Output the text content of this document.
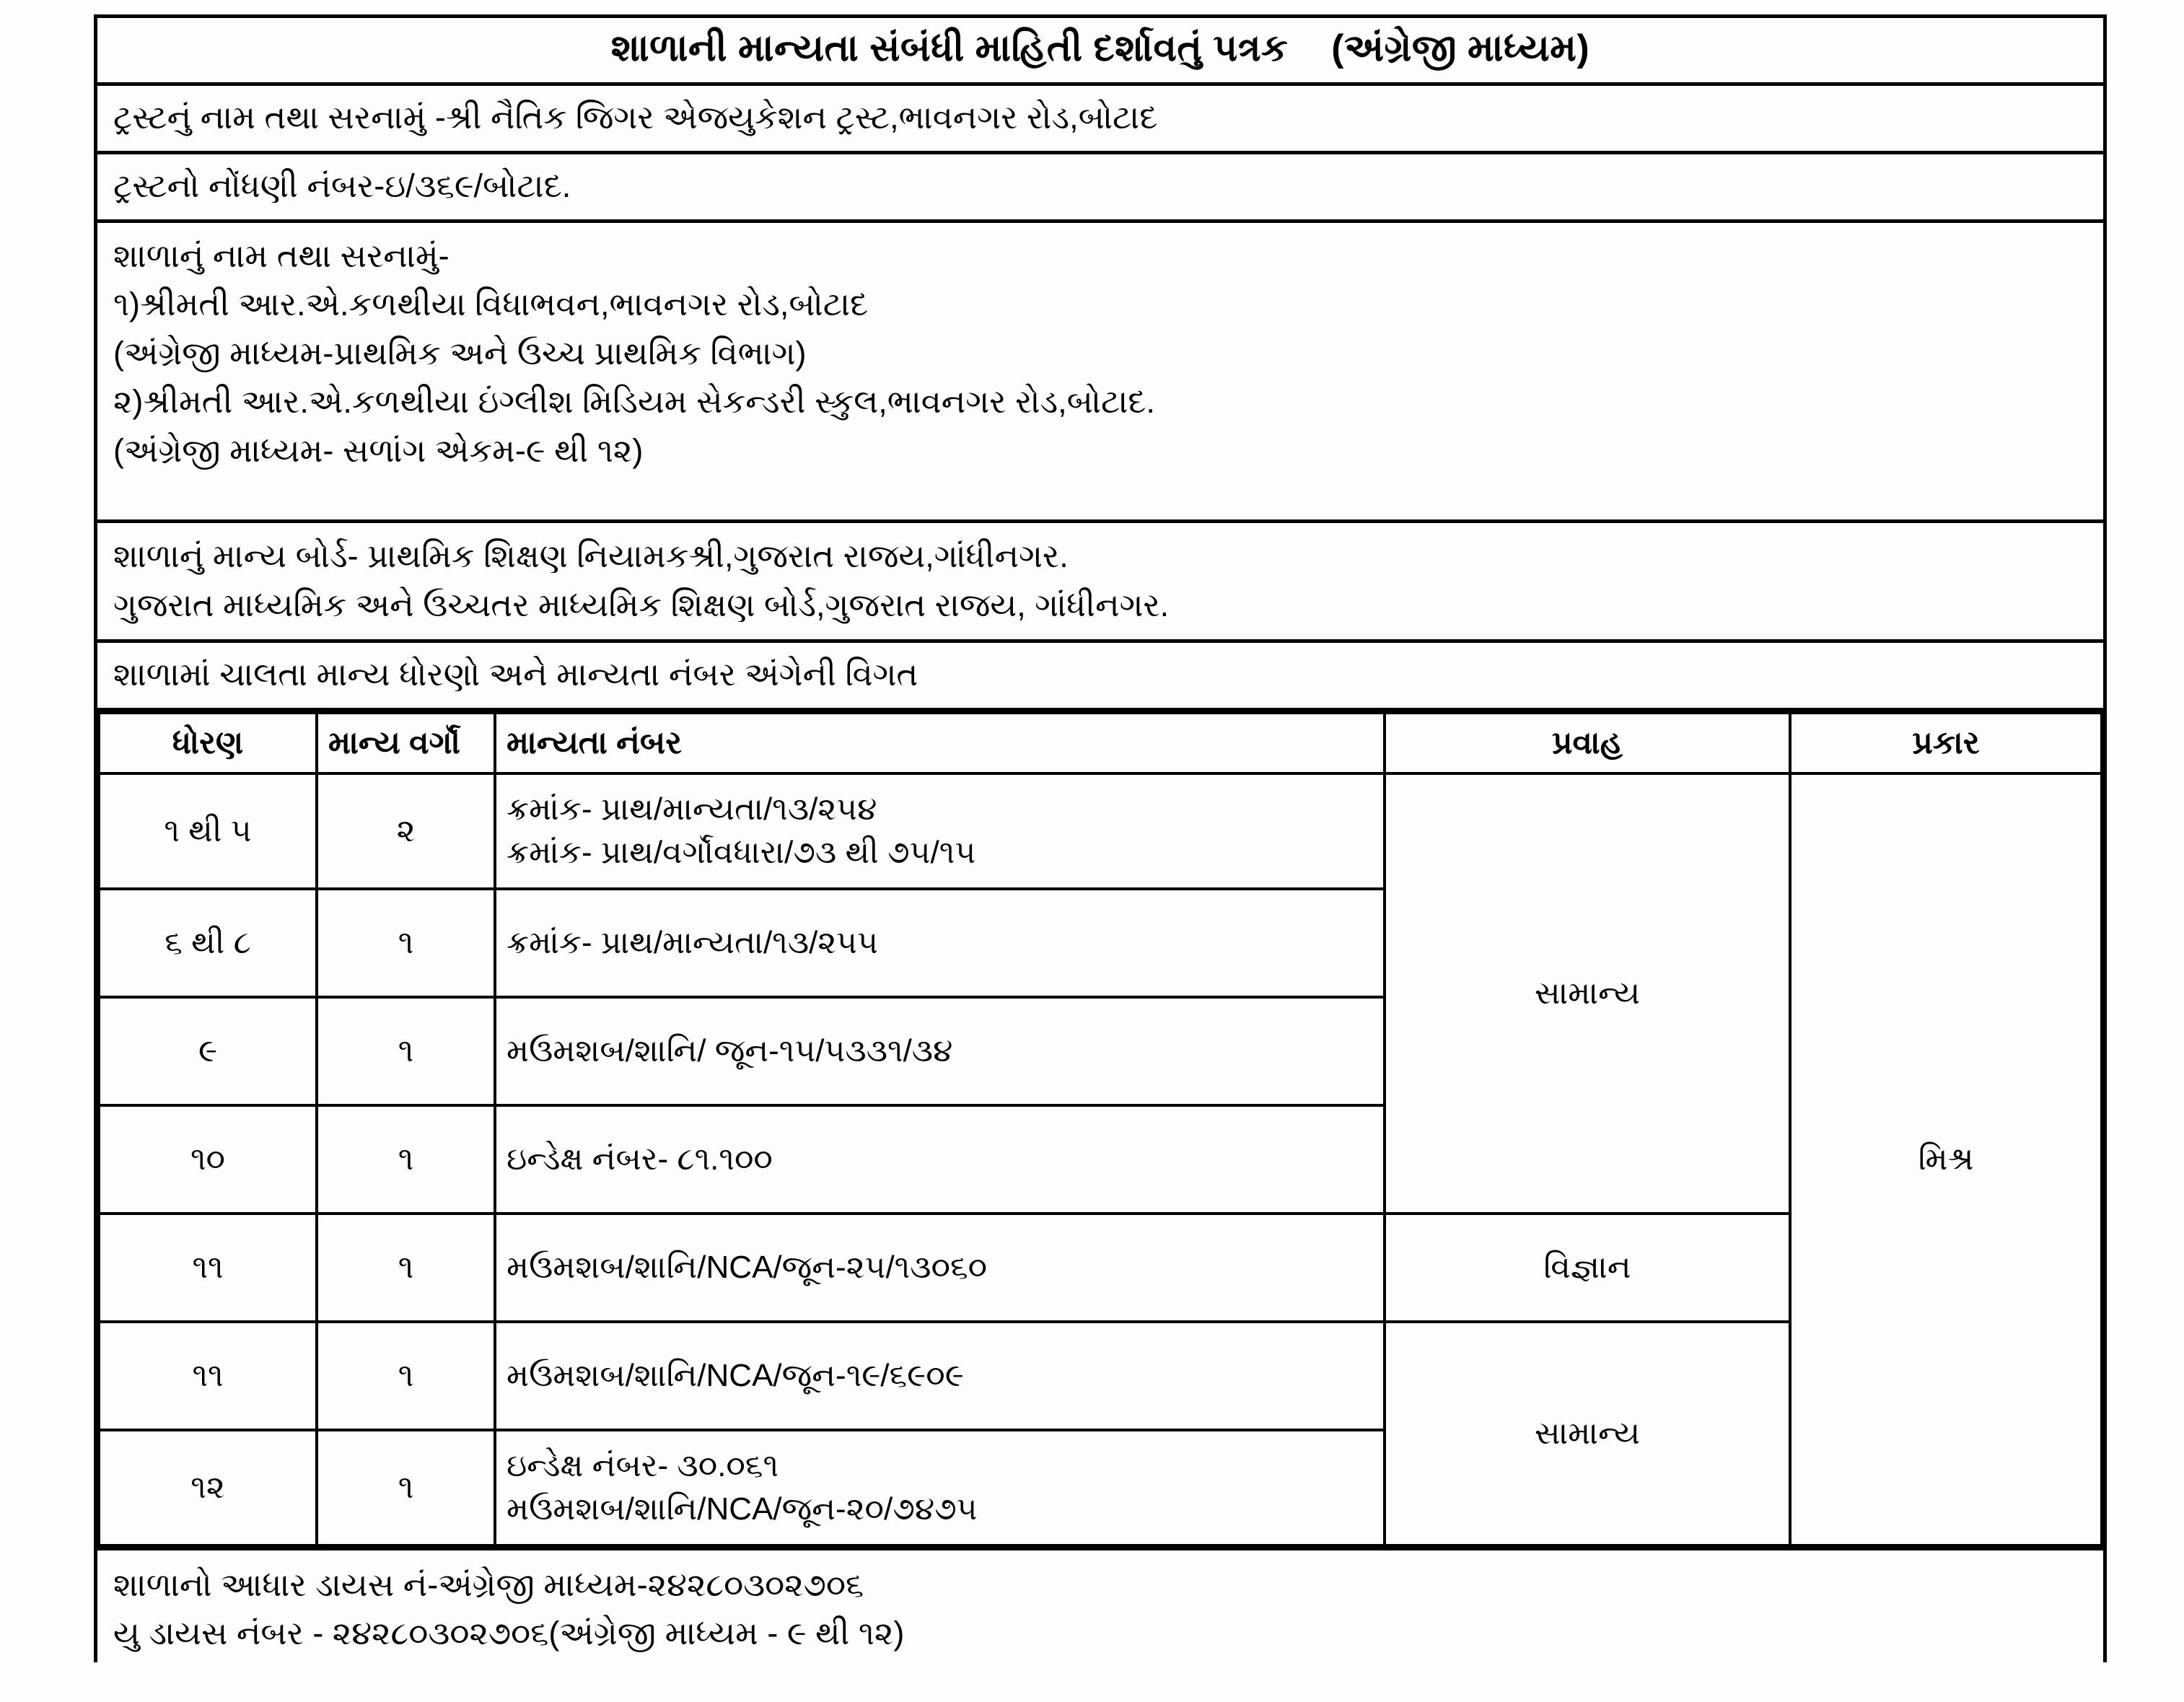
શાળાની માન્યતા સંબંધી માહિતી દર્શાવતું પત્રક (અંગ્રેજી માધ્યમ)
ટ્રસ્ટનું નામ તથા સરનામું -શ્રી નૈતિક જિગર એજયુકેશન ટ્રસ્ટ,ભાવનગર રોડ,બોટાદ
ટ્રસ્ટનો નોંધણી નંબર-ઇ/૩૬૯/બોટાદ.
શાળાનું નામ તથા સરનામું-
૧)શ્રીમતી આર.એ.કળથીયા વિધાભવન,ભાવનગર રોડ,બોટાદ
(અંગ્રેજી માધ્યમ-પ્રાથમિક અને ઉચ્ચ પ્રાથમિક વિભાગ)
૨)શ્રીમતી આર.એ.કળથીયા ઇંગ્લીશ મિડિયમ સેકન્ડરી સ્કુલ,ભાવનગર રોડ,બોટાદ.
(અંગ્રેજી માધ્યમ- સળાંગ એકમ-૯ થી ૧૨)
શાળાનું માન્ય બોર્ડ- પ્રાથમિક શિક્ષણ નિયામકશ્રી,ગુજરાત રાજય,ગાંધીનગર.
ગુજરાત માધ્યમિક અને ઉચ્ચતર માધ્યમિક શિક્ષણ બોર્ડ,ગુજરાત રાજય, ગાંધીનગર.
શાળામાં ચાલતા માન્ય ધોરણો અને માન્યતા નંબર અંગેની વિગત
ધોરણ	માન્ય વર્ગૉ	માન્યતા નંબર	પ્રવાહ	પ્રકાર
૧ થી ૫	૨	ક્રમાંક- પ્રાથ/માન્યતા/૧૩/૨૫૪
ક્રમાંક- પ્રાથ/વર્ગૉવધારા/૭૩ થી ૭૫/૧૫	સામાન્ય	મિશ્ર
૬ થી ૮	૧	ક્રમાંક- પ્રાથ/માન્યતા/૧૩/૨૫૫		
૯	૧	મઉમશબ/શાનિ/ જૂન-૧૫/૫૩૩૧/૩૪		
૧૦	૧	ઇન્ડેક્ષ નંબર- ૮૧.૧૦૦		
૧૧	૧	મઉમશબ/શાનિ/NCA/જૂન-૨૫/૧૩૦૬૦	વિજ્ઞાન	
૧૧	૧	મઉમશબ/શાનિ/NCA/જૂન-૧૯/૬૯૦૯	સામાન્ય	
૧૨	૧	ઇન્ડેક્ષ નંબર- ૩૦.૦૬૧
મઉમશબ/શાનિ/NCA/જૂન-૨૦/૭૪૭૫		
શાળાનો આધાર ડાયસ નં-અંગ્રેજી માધ્યમ-૨૪૨૮૦૩૦૨૭૦૬
યુ ડાયસ નંબર - ૨૪૨૮૦૩૦૨૭૦૬(અંગ્રેજી માધ્યમ - ૯ થી ૧૨)
